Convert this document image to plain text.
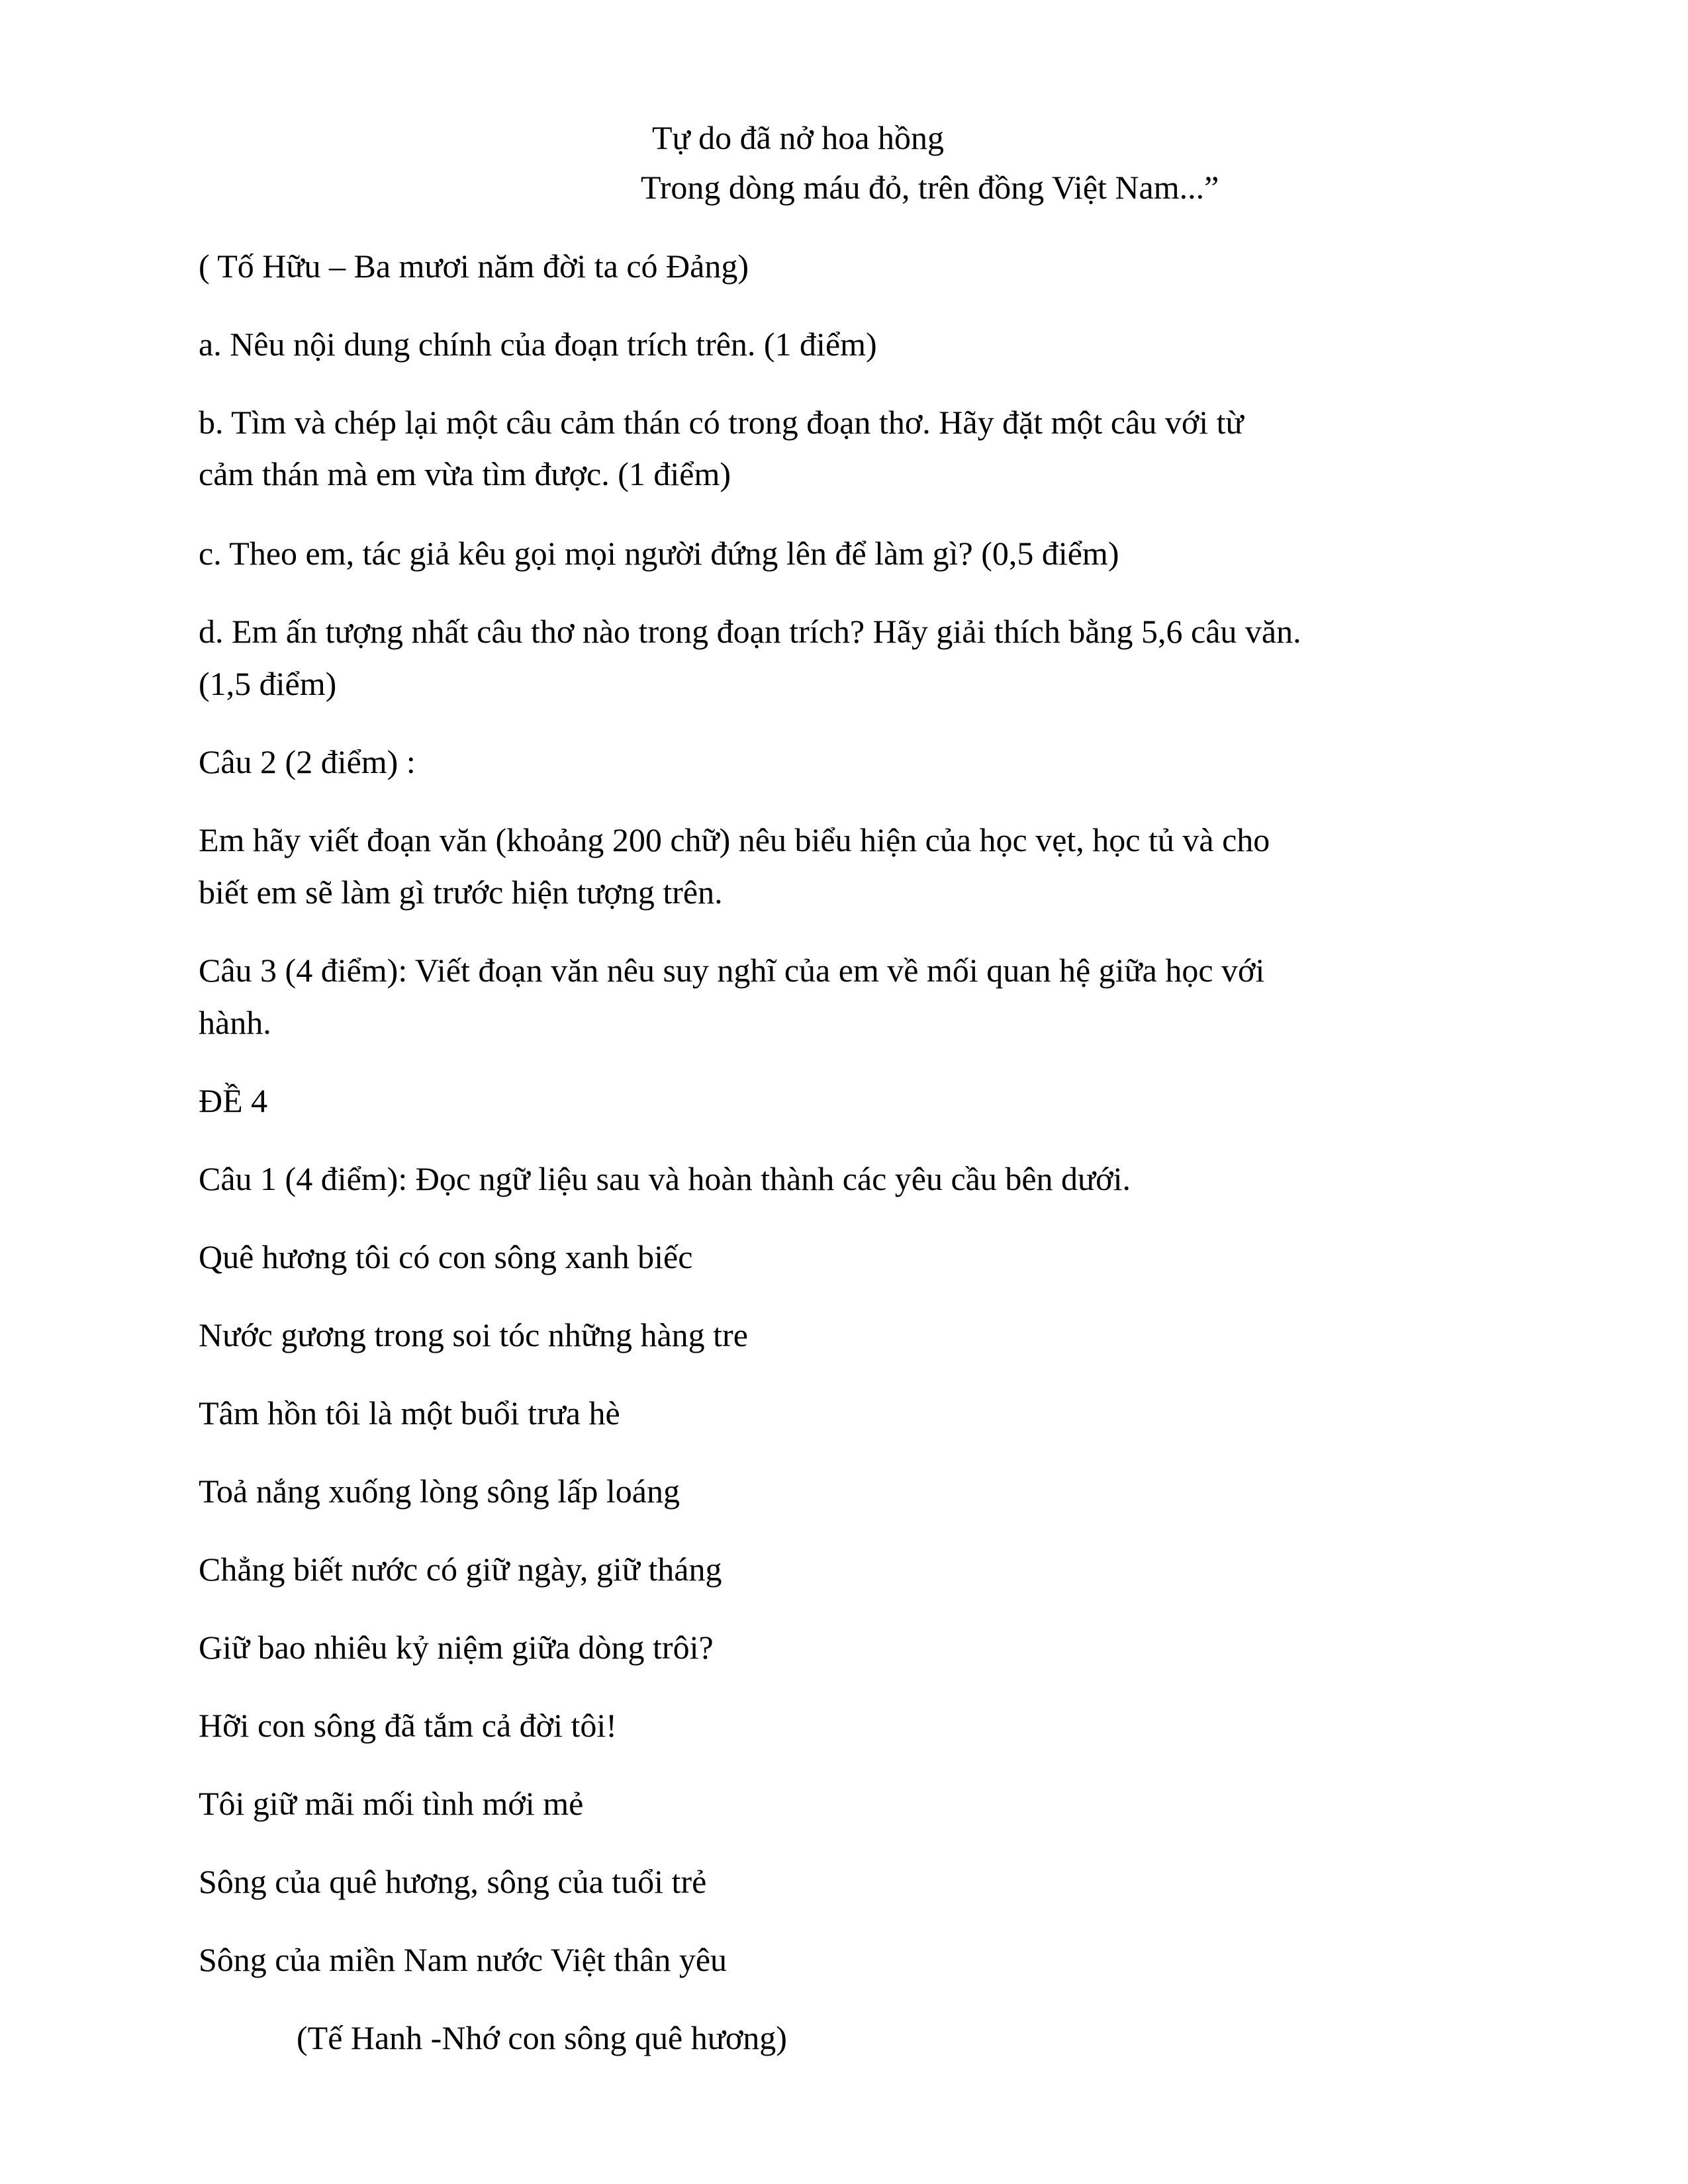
Tự do đã nở hoa hồng

Trong dòng máu đỏ, trên đồng Việt Nam...”

( Tố Hữu – Ba mươi năm đời ta có Đảng)

a. Nêu nội dung chính của đoạn trích trên. (1 điểm)

b. Tìm và chép lại một câu cảm thán có trong đoạn thơ. Hãy đặt một câu với từ

cảm thán mà em vừa tìm được. (1 điểm)

c. Theo em, tác giả kêu gọi mọi người đứng lên để làm gì? (0,5 điểm)

d. Em ấn tượng nhất câu thơ nào trong đoạn trích? Hãy giải thích bằng 5,6 câu văn.

(1,5 điểm)

Câu 2 (2 điểm) :

Em hãy viết đoạn văn (khoảng 200 chữ) nêu biểu hiện của học vẹt, học tủ và cho

biết em sẽ làm gì trước hiện tượng trên.

Câu 3 (4 điểm): Viết đoạn văn nêu suy nghĩ của em về mối quan hệ giữa học với

hành.

ĐỀ 4

Câu 1 (4 điểm): Đọc ngữ liệu sau và hoàn thành các yêu cầu bên dưới.

Quê hương tôi có con sông xanh biếc

Nước gương trong soi tóc những hàng tre

Tâm hồn tôi là một buổi trưa hè

Toả nắng xuống lòng sông lấp loáng

Chẳng biết nước có giữ ngày, giữ tháng

Giữ bao nhiêu kỷ niệm giữa dòng trôi?

Hỡi con sông đã tắm cả đời tôi!

Tôi giữ mãi mối tình mới mẻ

Sông của quê hương, sông của tuổi trẻ

Sông của miền Nam nước Việt thân yêu

(Tế Hanh -Nhớ con sông quê hương)
